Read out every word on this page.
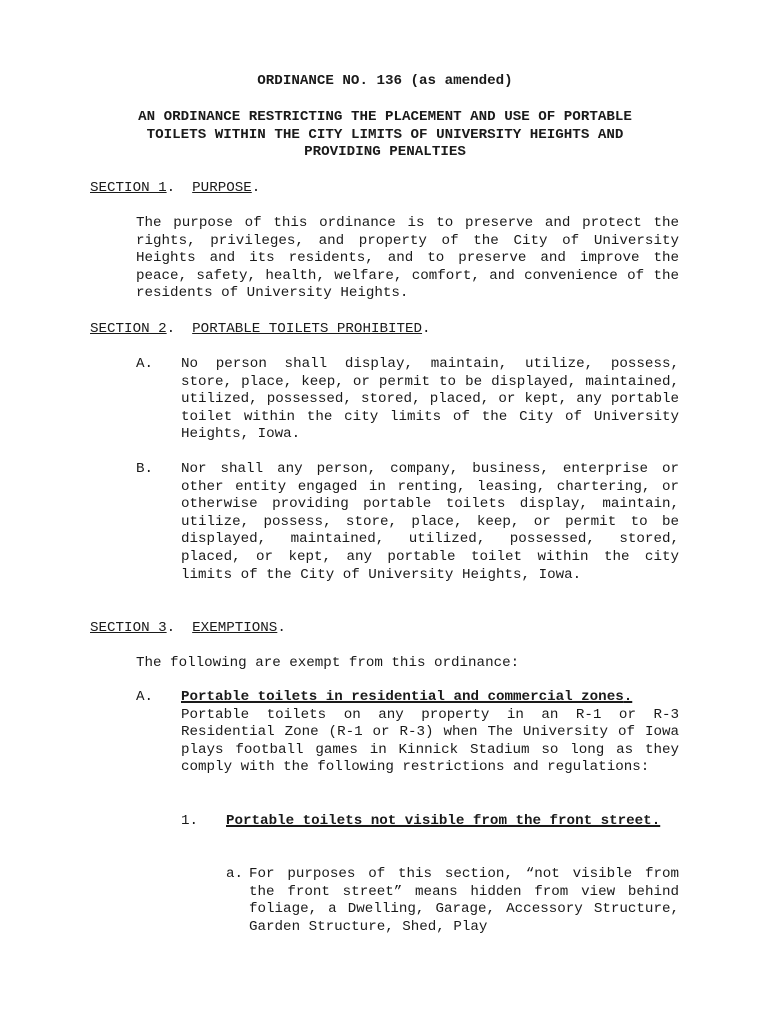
ORDINANCE NO. 136 (as amended)
AN ORDINANCE RESTRICTING THE PLACEMENT AND USE OF PORTABLE TOILETS WITHIN THE CITY LIMITS OF UNIVERSITY HEIGHTS AND PROVIDING PENALTIES
SECTION 1.  PURPOSE.
The purpose of this ordinance is to preserve and protect the rights, privileges, and property of the City of University Heights and its residents, and to preserve and improve the peace, safety, health, welfare, comfort, and convenience of the residents of University Heights.
SECTION 2.  PORTABLE TOILETS PROHIBITED.
A. No person shall display, maintain, utilize, possess, store, place, keep, or permit to be displayed, maintained, utilized, possessed, stored, placed, or kept, any portable toilet within the city limits of the City of University Heights, Iowa.
B. Nor shall any person, company, business, enterprise or other entity engaged in renting, leasing, chartering, or otherwise providing portable toilets display, maintain, utilize, possess, store, place, keep, or permit to be displayed, maintained, utilized, possessed, stored, placed, or kept, any portable toilet within the city limits of the City of University Heights, Iowa.
SECTION 3.  EXEMPTIONS.
The following are exempt from this ordinance:
A. Portable toilets in residential and commercial zones.
Portable toilets on any property in an R-1 or R-3 Residential Zone (R-1 or R-3) when The University of Iowa plays football games in Kinnick Stadium so long as they comply with the following restrictions and regulations:
1. Portable toilets not visible from the front street.
a. For purposes of this section, “not visible from the front street” means hidden from view behind foliage, a Dwelling, Garage, Accessory Structure, Garden Structure, Shed, Play
